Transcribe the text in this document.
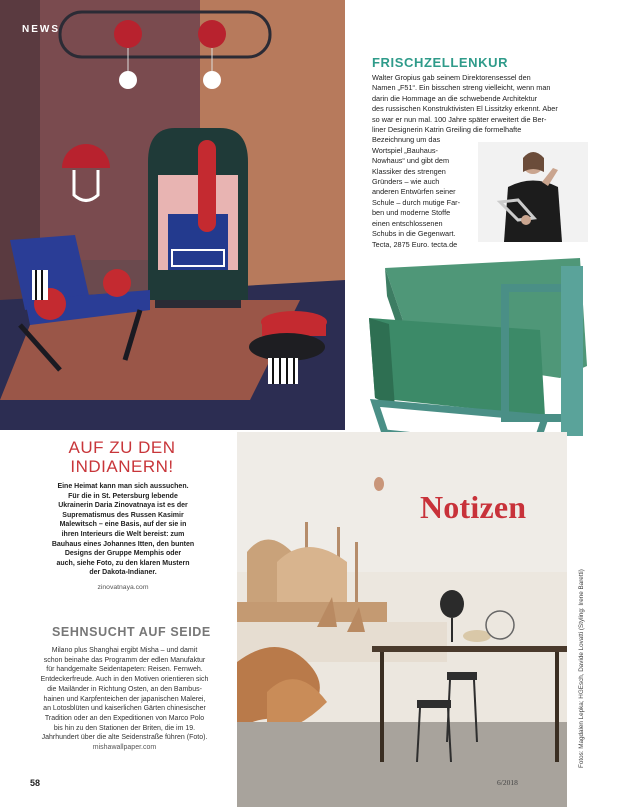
NEWS
FRISCHZELLENKUR
Walter Gropius gab seinem Direktorensessel den
Namen „F51“. Ein bisschen streng vielleicht, wenn man
darin die Hommage an die schwebende Architektur
des russischen Konstruktivisten El Lissitzky erkennt. Aber
so war er nun mal. 100 Jahre später erweitert die Ber-
liner Designerin Katrin Greiling die formelhafte
Bezeichnung um das
Wortspiel „Bauhaus-
Nowhaus“ und gibt dem
Klassiker des strengen
Gründers – wie auch
anderen Entwürfen seiner
Schule – durch mutige Far-
ben und moderne Stoffe
einen entschlossenen
Schubs in die Gegenwart.
Tecta, 2875 Euro. tecta.de
AUF ZU DEN
INDIANERN!
Eine Heimat kann man sich aussuchen.
Für die in St. Petersburg lebende
Ukrainerin Daria Zinovatnaya ist es der
Suprematismus des Russen Kasimir
Malewitsch – eine Basis, auf der sie in
ihren Interieurs die Welt bereist: zum
Bauhaus eines Johannes Itten, den bunten
Designs der Gruppe Memphis oder
auch, siehe Foto, zu den klaren Mustern
der Dakota-Indianer.
zinovatnaya.com
SEHNSUCHT AUF SEIDE
Milano plus Shanghai ergibt Misha – und damit
schon beinahe das Programm der edlen Manufaktur
für handgemalte Seidentapeten: Reisen. Fernweh.
Entdeckerfreude. Auch in den Motiven orientieren sich
die Mailänder in Richtung Osten, an den Bambus-
hainen und Karpfenteichen der japanischen Malerei,
an Lotosblüten und kaiserlichen Gärten chinesischer
Tradition oder an den Expeditionen von Marco Polo
bis hin zu den Stationen der Briten, die im 19.
Jahrhundert über die alte Seidenstraße führen (Foto).
mishawallpaper.com
Notizen
Fotos: Magdalen Lepka; HGEsch, Davide Lovatti (Styling: Irene Baretti)
58	6/2018
